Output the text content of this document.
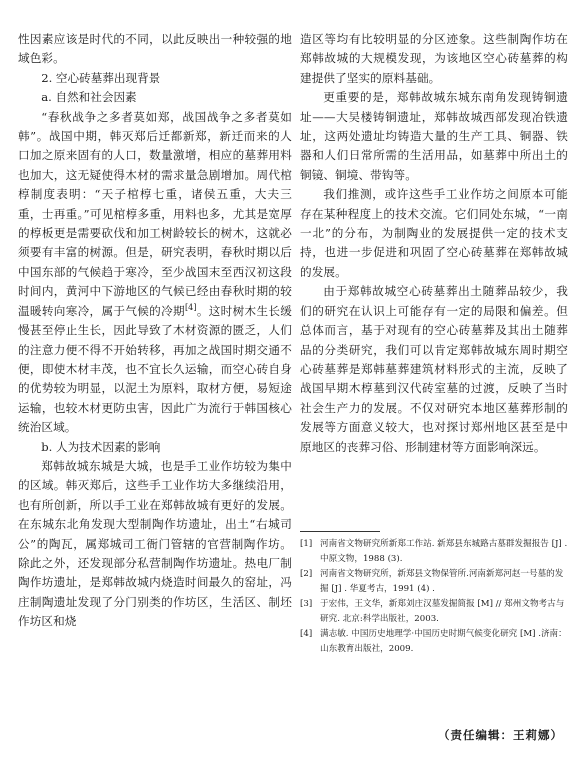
性因素应该是时代的不同，以此反映出一种较强的地域色彩。

2. 空心砖墓葬出现背景

a. 自然和社会因素

“春秋战争之多者莫如郑，战国战争之多者莫如韩”。战国中期，韩灭郑后迁都新郑，新迁而来的人口加之原来固有的人口，数量激增，相应的墓葬用料也加大，这无疑使得木材的需求量急剧增加。周代棺椁制度表明：“天子棺椁七重，诸侯五重，大夫三重，士再重。”可见棺椁多重，用料也多，尤其是宽厚的椁板更是需要砍伐和加工树龄较长的树木，这就必须要有丰富的树源。但是，研究表明，春秋时期以后中国东部的气候趋于寒冷，至少战国末至西汉初这段时间内，黄河中下游地区的气候已经由春秋时期的较温暖转向寒冷，属于气候的冷期[4]。这时树木生长缓慢甚至停止生长，因此导致了木材资源的匮乏，人们的注意力便不得不开始转移，再加之战国时期交通不便，即使木材丰茂，也不宜长久运输，而空心砖自身的优势较为明显，以泥土为原料，取材方便，易短途运输，也较木材更防虫害，因此广为流行于韩国核心统治区域。

b. 人为技术因素的影响

郑韩故城东城是大城，也是手工业作坊较为集中的区域。韩灭郑后，这些手工业作坊大多继续沿用，也有所创新，所以手工业在郑韩故城有更好的发展。在东城东北角发现大型制陶作坊遗址，出土“右城司公”的陶瓦，属郑城司工衙门管辖的官营制陶作坊。除此之外，还发现部分私营制陶作坊遗址。热电厂制陶作坊遗址，是郑韩故城内烧造时间最久的窑址，冯庄制陶遗址发现了分门别类的作坊区，生活区、制坯作坊区和烧

造区等均有比较明显的分区迹象。这些制陶作坊在郑韩故城的大规模发现，为该地区空心砖墓葬的构建提供了坚实的原料基础。

更重要的是，郑韩故城东城东南角发现铸铜遗址——大吴楼铸铜遗址，郑韩故城西部发现冶铁遗址，这两处遗址均铸造大量的生产工具、铜器、铁器和人们日常所需的生活用品，如墓葬中所出土的铜镜、铜境、带钩等。

我们推测，或许这些手工业作坊之间原本可能存在某种程度上的技术交流。它们同处东城，“一南一北”的分布，为制陶业的发展提供一定的技术支持，也进一步促进和巩固了空心砖墓葬在郑韩故城的发展。

由于郑韩故城空心砖墓葬出土随葬品较少，我们的研究在认识上可能存有一定的局限和偏差。但总体而言，基于对现有的空心砖墓葬及其出土随葬品的分类研究，我们可以肯定郑韩故城东周时期空心砖墓葬是郑韩墓葬建筑材料形式的主流，反映了战国早期木椁墓到汉代砖室墓的过渡，反映了当时社会生产力的发展。不仅对研究本地区墓葬形制的发展等方面意义较大，也对探讨郑州地区甚至是中原地区的丧葬习俗、形制建材等方面影响深远。

[1] 河南省文物研究所新郑工作站. 新郑县东城路古墓群发掘报告 [J] . 中原文物，1988 (3).
[2] 河南省文物研究所，新郑县文物保管所.河南新郑河赵一号墓的发掘 [J] . 华夏考古，1991 (4) .
[3] 于宏伟，王文华，新郑刘庄汉墓发掘简报 [M] // 郑州文物考古与研究. 北京:科学出版社，2003.
[4] 满志敏. 中国历史地理学·中国历史时期气候变化研究 [M] .济南：山东教育出版社，2009.
（责任编辑：王莉娜）
